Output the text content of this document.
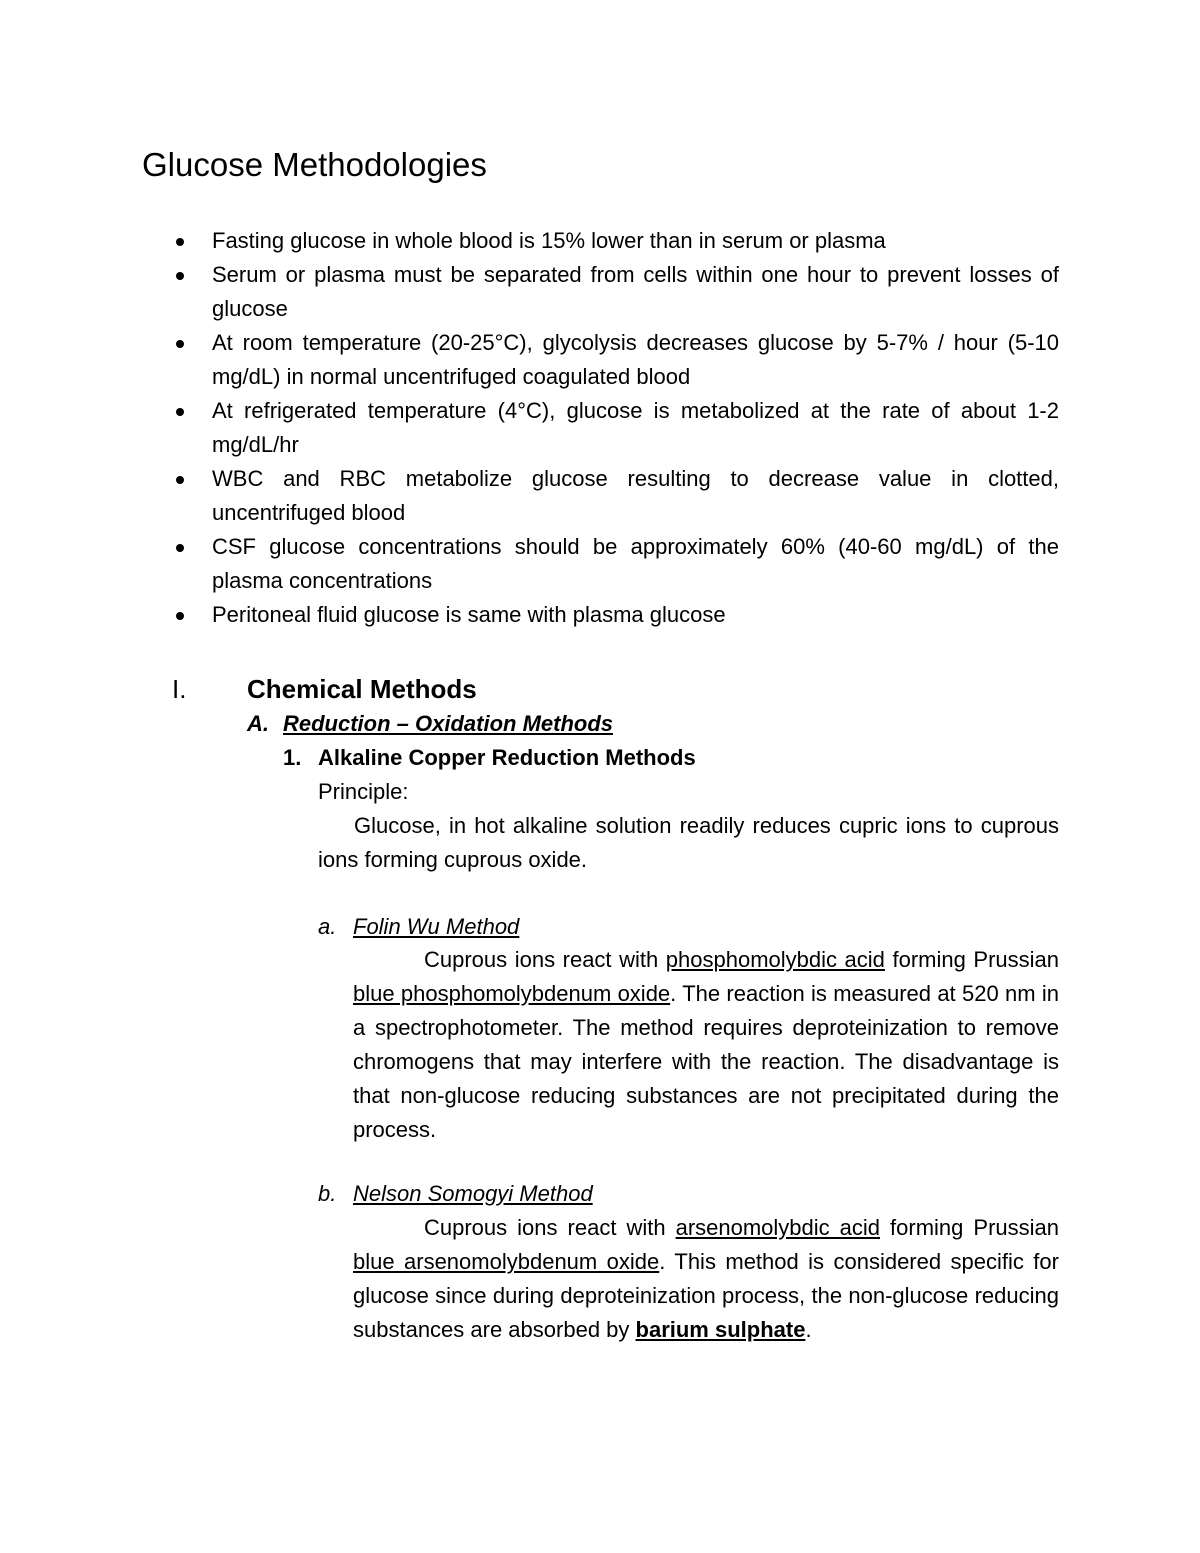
Glucose Methodologies
Fasting glucose in whole blood is 15% lower than in serum or plasma
Serum or plasma must be separated from cells within one hour to prevent losses of glucose
At room temperature (20-25°C), glycolysis decreases glucose by 5-7% / hour (5-10 mg/dL) in normal uncentrifuged coagulated blood
At refrigerated temperature (4°C), glucose is metabolized at the rate of about 1-2 mg/dL/hr
WBC and RBC metabolize glucose resulting to decrease value in clotted, uncentrifuged blood
CSF glucose concentrations should be approximately 60% (40-60 mg/dL) of the plasma concentrations
Peritoneal fluid glucose is same with plasma glucose
I. Chemical Methods
A. Reduction – Oxidation Methods
1. Alkaline Copper Reduction Methods
Principle:

Glucose, in hot alkaline solution readily reduces cupric ions to cuprous ions forming cuprous oxide.

a. Folin Wu Method

Cuprous ions react with phosphomolybdic acid forming Prussian blue phosphomolybdenum oxide. The reaction is measured at 520 nm in a spectrophotometer. The method requires deproteinization to remove chromogens that may interfere with the reaction. The disadvantage is that non-glucose reducing substances are not precipitated during the process.

b. Nelson Somogyi Method

Cuprous ions react with arsenomolybdic acid forming Prussian blue arsenomolybdenum oxide. This method is considered specific for glucose since during deproteinization process, the non-glucose reducing substances are absorbed by barium sulphate.
